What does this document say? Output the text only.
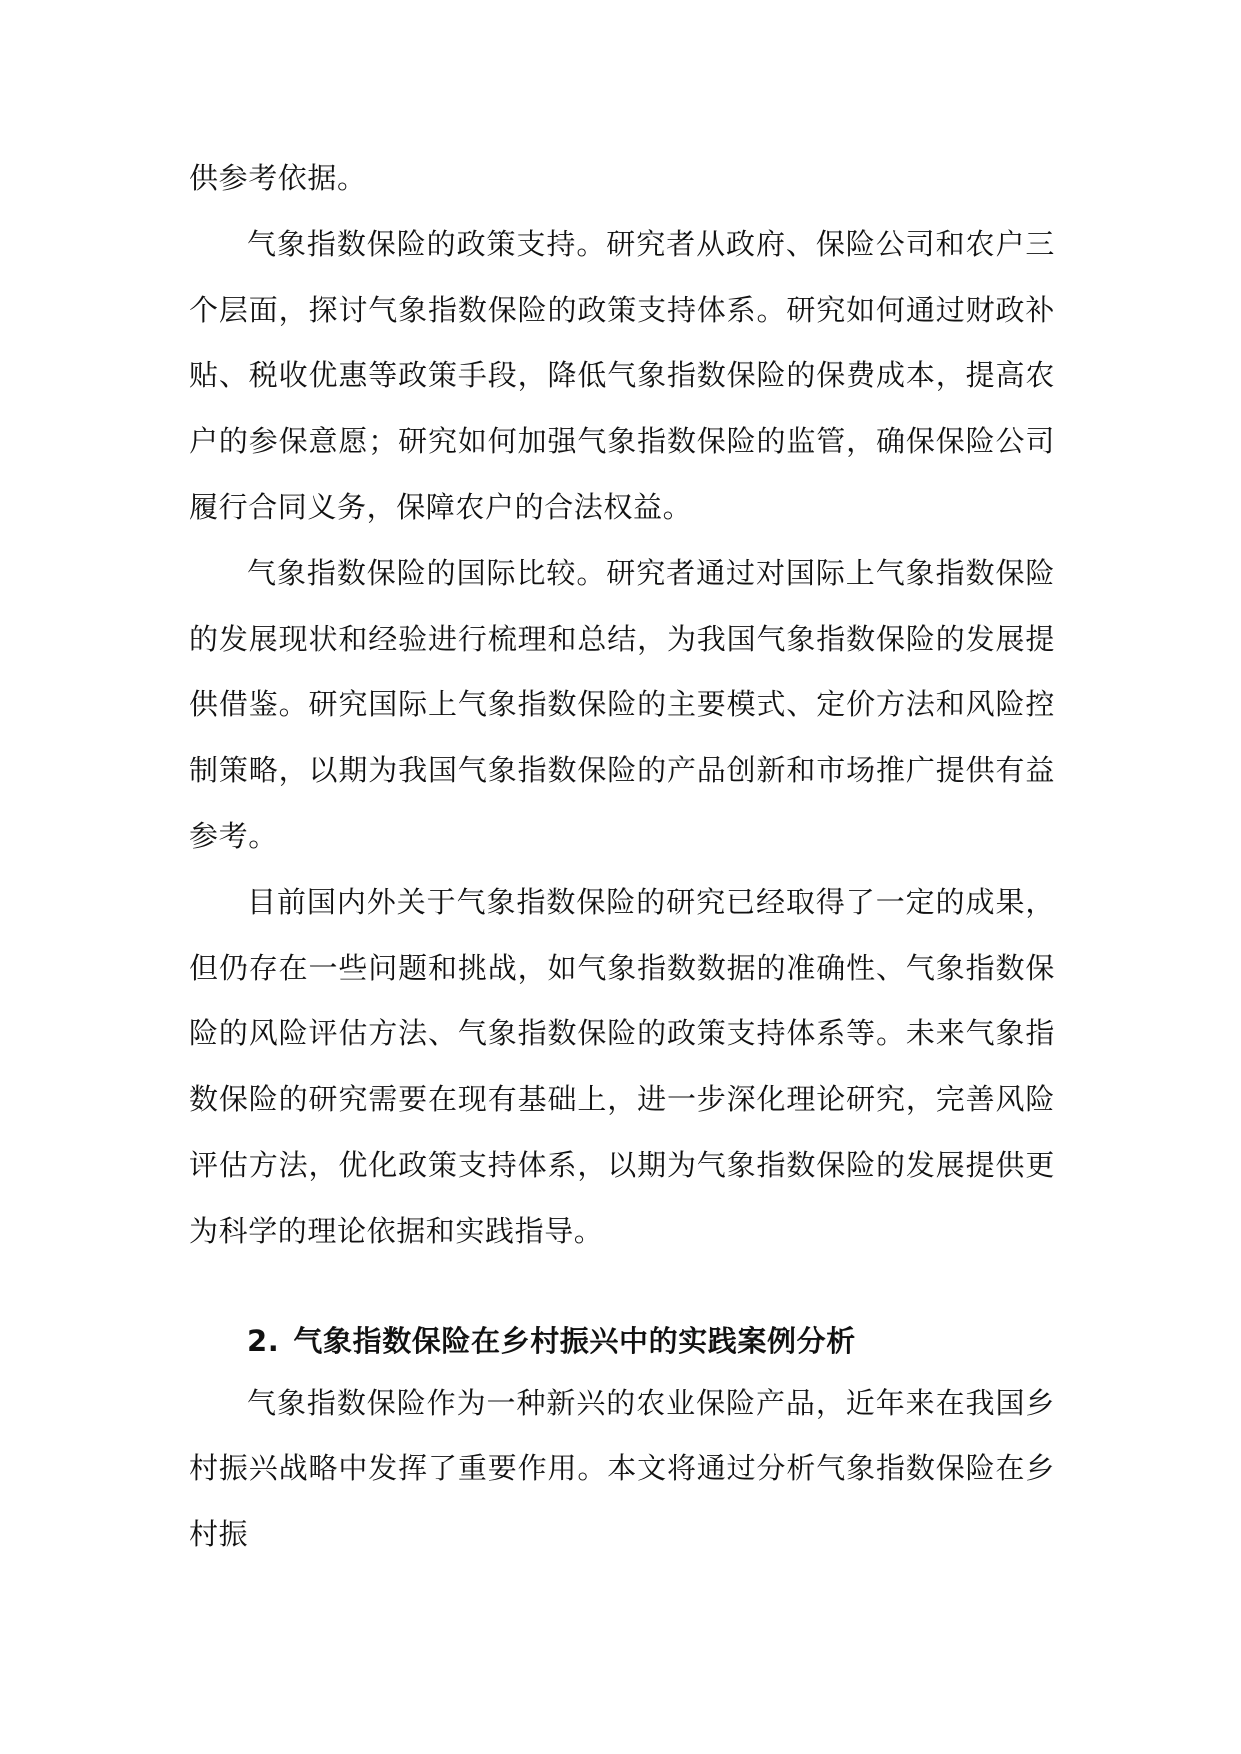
供参考依据。

气象指数保险的政策支持。研究者从政府、保险公司和农户三个层面，探讨气象指数保险的政策支持体系。研究如何通过财政补贴、税收优惠等政策手段，降低气象指数保险的保费成本，提高农户的参保意愿；研究如何加强气象指数保险的监管，确保保险公司履行合同义务，保障农户的合法权益。

气象指数保险的国际比较。研究者通过对国际上气象指数保险的发展现状和经验进行梳理和总结，为我国气象指数保险的发展提供借鉴。研究国际上气象指数保险的主要模式、定价方法和风险控制策略，以期为我国气象指数保险的产品创新和市场推广提供有益参考。

目前国内外关于气象指数保险的研究已经取得了一定的成果，但仍存在一些问题和挑战，如气象指数数据的准确性、气象指数保险的风险评估方法、气象指数保险的政策支持体系等。未来气象指数保险的研究需要在现有基础上，进一步深化理论研究，完善风险评估方法，优化政策支持体系，以期为气象指数保险的发展提供更为科学的理论依据和实践指导。

2. 气象指数保险在乡村振兴中的实践案例分析

气象指数保险作为一种新兴的农业保险产品，近年来在我国乡村振兴战略中发挥了重要作用。本文将通过分析气象指数保险在乡村振
